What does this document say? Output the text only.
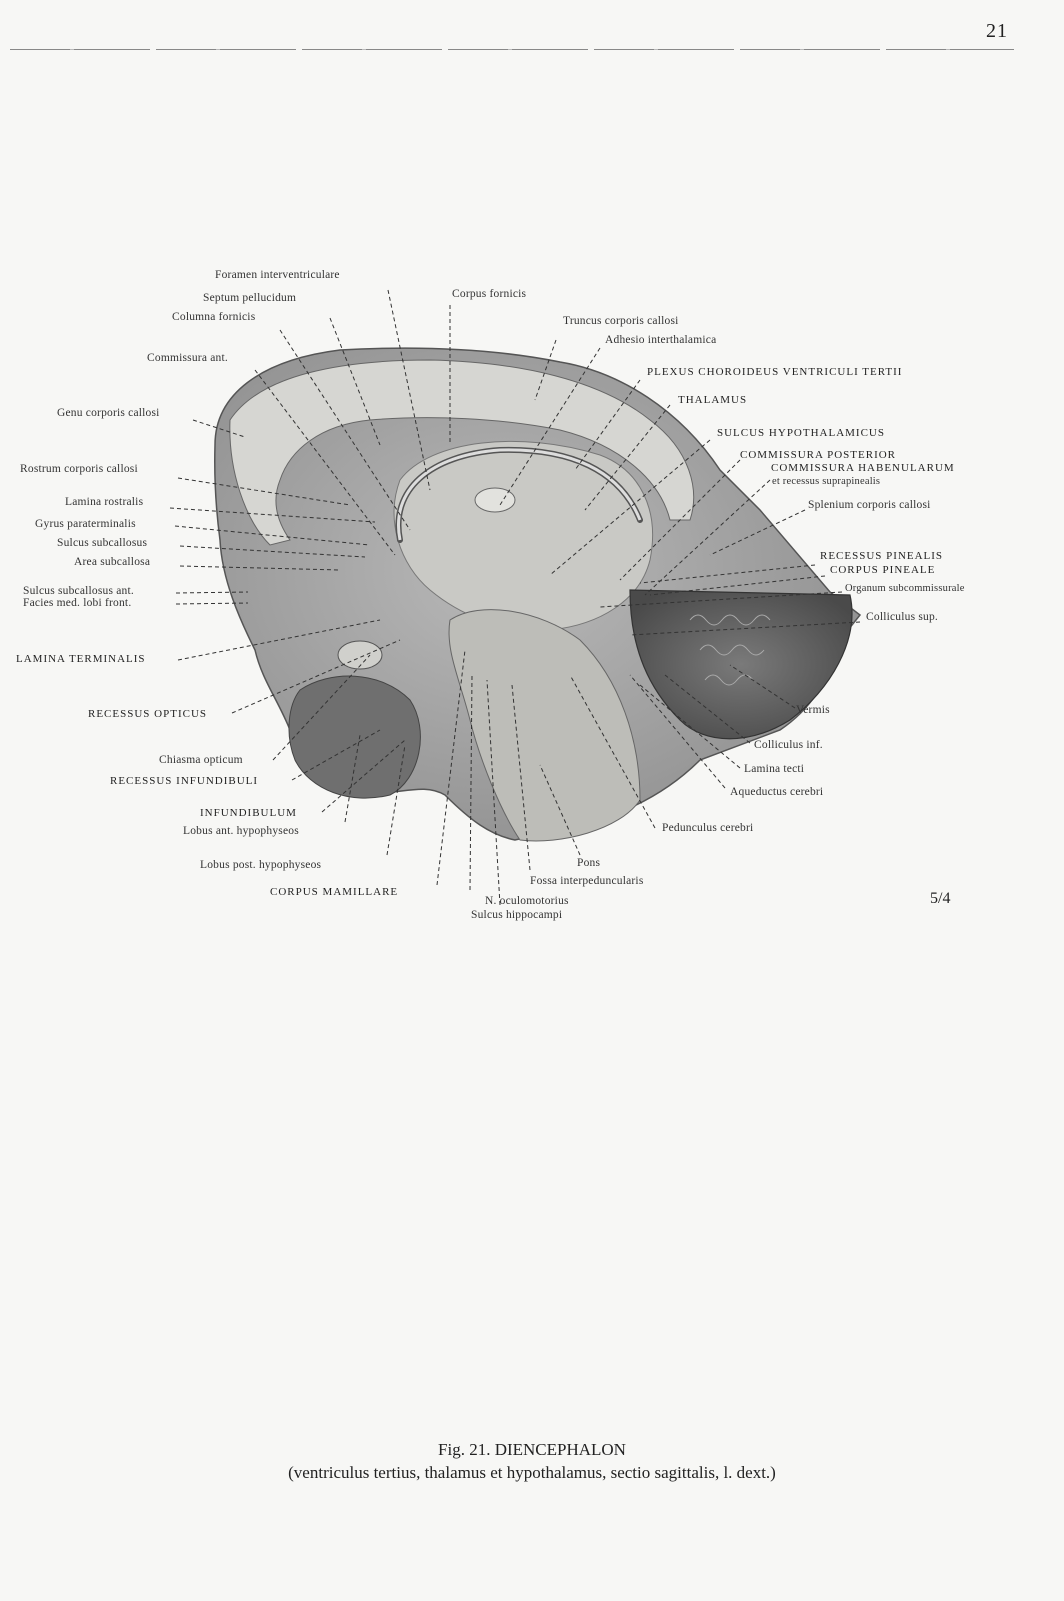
21
Foramen interventriculare
Septum pellucidum
Columna fornicis
Corpus fornicis
Truncus corporis callosi
Adhesio interthalamica
Commissura ant.
PLEXUS CHOROIDEUS VENTRICULI TERTII
THALAMUS
Genu corporis callosi
SULCUS HYPOTHALAMICUS
COMMISSURA POSTERIOR
COMMISSURA HABENULARUM
et recessus suprapinealis
Rostrum corporis callosi
Splenium corporis callosi
Lamina rostralis
Gyrus paraterminalis
Sulcus subcallosus
Area subcallosa	RECESSUS PINEALIS
CORPUS PINEALE
Sulcus subcallosus ant.
Facies med. lobi front.
Organum subcommissurale
Colliculus sup.
LAMINA TERMINALIS
RECESSUS OPTICUS	Vermis
Colliculus inf.
Chiasma opticum
Lamina tecti
RECESSUS INFUNDIBULI
Aqueductus cerebri
INFUNDIBULUM
Lobus ant. hypophyseos	Pedunculus cerebri
Lobus post. hypophyseos	Pons
Fossa interpeduncularis
CORPUS MAMILLARE
N. oculomotorius
Sulcus hippocampi
5/4
Fig. 21. DIENCEPHALON
(ventriculus tertius, thalamus et hypothalamus, sectio sagittalis, l. dext.)
